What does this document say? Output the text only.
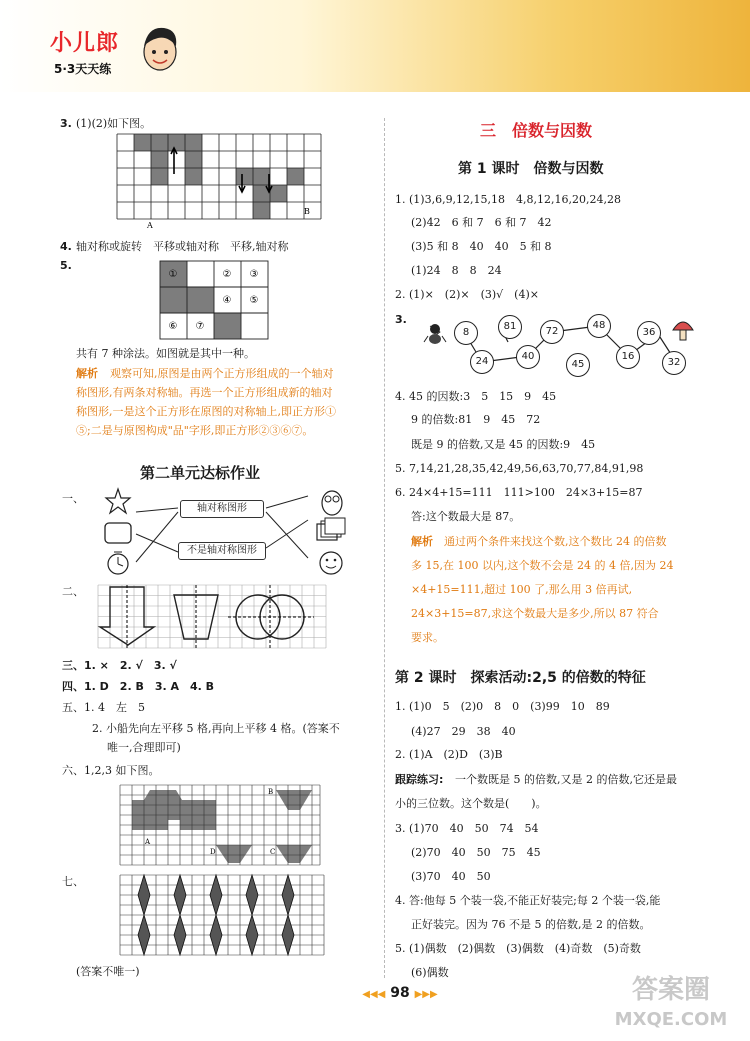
小儿郎
5·3天天练
3. (1)(2)如下图。
A
B
4. 轴对称或旋转　平移或轴对称　平移,轴对称
5.
①	② ③
④ ⑤
⑥ ⑦
共有 7 种涂法。如图就是其中一种。
解析 观察可知,原图是由两个正方形组成的一个轴对
称图形,有两条对称轴。再选一个正方形组成新的轴对
称图形,一是这个正方形在原图的对称轴上,即正方形①
⑤;二是与原图构成"品"字形,即正方形②③⑥⑦。
第二单元达标作业
一、
轴对称图形
不是轴对称图形
二、
三、1. ×　2. √　3. √
四、1. D　2. B　3. A　4. B
五、1. 4　左　5
2. 小船先向左平移 5 格,再向上平移 4 格。(答案不
唯一,合理即可)
六、1,2,3 如下图。
B
A
D	C
七、
(答案不唯一)
三　倍数与因数
第 1 课时　倍数与因数
1. (1)3,6,9,12,15,18　4,8,12,16,20,24,28
(2)42　6 和 7　6 和 7　42
(3)5 和 8　40　40　5 和 8
(1)24　8　8　24
2. (1)×　(2)×　(3)√　(4)×
3.
8
81	72
48
36
24	40
45
16
32
4. 45 的因数:3　5　15　9　45
9 的倍数:81　9　45　72
既是 9 的倍数,又是 45 的因数:9　45
5. 7,14,21,28,35,42,49,56,63,70,77,84,91,98
6. 24×4+15=111　111>100　24×3+15=87
答:这个数最大是 87。
解析 通过两个条件来找这个数,这个数比 24 的倍数
多 15,在 100 以内,这个数不会是 24 的 4 倍,因为 24
×4+15=111,超过 100 了,那么用 3 倍再试,
24×3+15=87,求这个数最大是多少,所以 87 符合
要求。
第 2 课时　探索活动:2,5 的倍数的特征
1. (1)0　5　(2)0　8　0　(3)99　10　89
(4)27　29　38　40
2. (1)A　(2)D　(3)B
跟踪练习: 一个数既是 5 的倍数,又是 2 的倍数,它还是最
小的三位数。这个数是(　　)。
3. (1)70　40　50　74　54
(2)70　40　50　75　45
(3)70　40　50
4. 答:他每 5 个装一袋,不能正好装完;每 2 个装一袋,能
正好装完。因为 76 不是 5 的倍数,是 2 的倍数。
5. (1)偶数　(2)偶数　(3)偶数　(4)奇数　(5)奇数
(6)偶数
◀◀◀ 98 ▶▶▶	答案圈
MXQE.COM
